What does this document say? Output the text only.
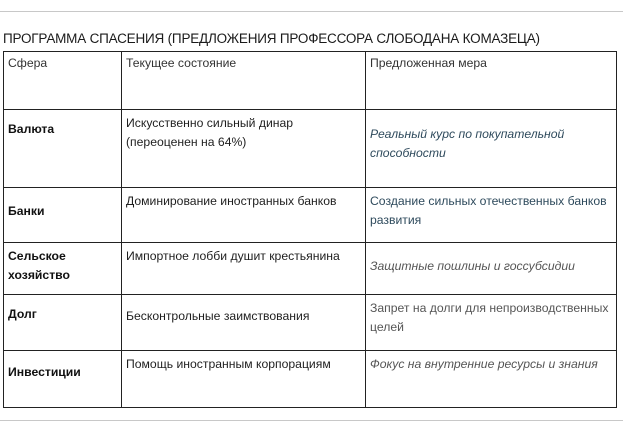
ПРОГРАММА СПАСЕНИЯ (ПРЕДЛОЖЕНИЯ ПРОФЕССОРА СЛОБОДАНА КОМАЗЕЦА)
Сфера	Текущее состояние	Предложенная мера

Валюта	Искусственно сильный динар (переоценен на 64%)	Реальный курс по покупательной способности

Банки	Доминирование иностранных банков	Создание сильных отечественных банков развития

Сельское хозяйство	Импортное лобби душит крестьянина	Защитные пошлины и госсубсидии

Долг	Бесконтрольные заимствования	Запрет на долги для непроизводственных целей

Инвестиции	Помощь иностранным корпорациям	Фокус на внутренние ресурсы и знания
